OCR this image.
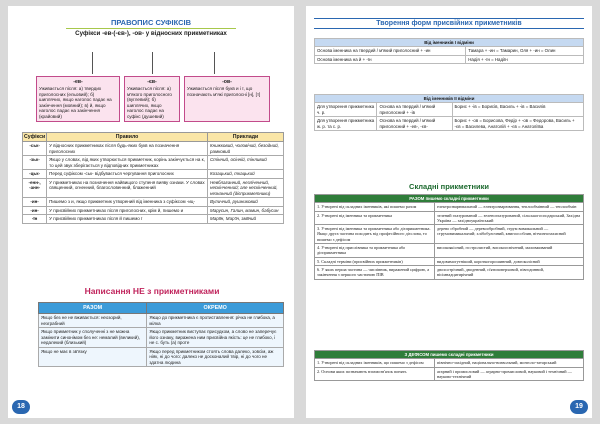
ПРАВОПИС СУФІКСІВ
Суфікси -ев-(-єв-), -ов- у відносних прикметниках
-ев-
Уживається після: а) твердих приголосних (ельовий); б) шиплячих, якщо наголос падає на закінчення (мовний); в) й, якщо наголос падає на закінчення (крайовий)
-єв-
Уживається після: а) м'якого приголосного (вуглевий); б) шиплячих, якщо наголос падає на суфікс (душевий)
-ов-
Уживається після букв и і ї, що позначають м'які приголосні [н], [т]
Суфікси	Правило	Приклади
-ськ-	У відносних прикметниках після будь-яких букв на позначення приголосних	Книжковий, чоловічий, безодний, рамковий
-зьк-	Якщо у словах, від яких утворюється прикметник, корінь закінчується на к, то цей звук зберігається у відповідних прикметниках	Стінний, осінній, тінливий
-цьк-	Перед суфіксом -ськ- відбувається чергування приголосних	Козацький, ткацький
-енн-, -анн-	У прикметниках на позначення найвищого ступеня вияву ознаки. У словах священний, огненний, благословенний, блаженний	Невблаганний, незліченний, нескінченний; але нескінченний, незнанний (дієприкметники)
-ин-	Пишемо з и, якщо прикметник утворений від іменника з суфіксом -иц-	Вуличний, рушниковий
-ин-	У присвійних прикметниках після приголосних, крім й, пишемо и	Марусин, Галин, мамин, бабусин
-їн	У присвійних прикметниках після й пишемо ї	Марїїн, Мар'їн, змїїний
Написання НЕ з прикметниками
РАЗОМ	ОКРЕМО
Якщо без не не вживається: неозорий, незграбний	Якщо до прикметника є протиставлення: річка не глибока, а мілка
Якщо прикметник у сполученні з не можна замінити синонімом без не: немалий (великий), недалекий (близький)	Якщо прикметник виступає присудком, а слово не заперечує його ознаку, виражена ним присвійна якість: це не глибоко, і не с. буть (а) проте
Якщо не має в зв'язку	Якщо перед прикметником стоять слова далеко, зовсім, аж ніяк, ні до чого: далеко не досконалий твір, ні до чого не здатна людина
18
Творення форм присвійних прикметників
Від іменників І відміни	
Основа іменника на твердий / м'який приголосний + -ин	Тамара + -ин = Тамарин, Оля + -ин = Олин
Основа іменника на й + -їн	Надія + -їн = Надіїн
Від іменників ІІ відміни		
Для утворення прикметника ч. р.	Основа на твердий / м'який приголосний + -ів	Борис + -ів = Борисів, Василь + -ів = Василів
Для утворення прикметника ж. р. та с. р.	Основа на твердий / м'який приголосний + -ев-, -єв-	Борис + -ов = Борисова, Федір + -ов = Федорова, Василь + -єв = Василева, Анатолій + -єв = Анатоліїва
Складні прикметники
РАЗОМ пишемо складні прикметники	
1. Утворені від складних іменників, які пишемо разом	електрозварювальний — електрозварювання, теплообмінний — теплообмін
2. Утворені від іменника та прикметника	зелений глазурований — зеленоглазурований, сільськогосподарський, Західна Україна — західноукраїнський
3. Утворені від іменника та прикметника або дієприкметника. Якщо друга частина походить від професійного дієслова, то пишемо з дефісом	дерево обробний — деревообробний, струм вимикальний — струмовимикальний; хлібобулочний, книгоособлив, вітчизнозахисний
4. Утворені від прислівника та прикметника або дієприкметника	високоякісний, гостролистий, високоосвічений, маловживаний
5. Складні терміни (присвійних прикметників)	видовимогутніший, короткогорошинний, довгоколісний
6. У яких перша частина — числівник, виражений цифрою, а закінчення з першого частиною ПІВ	двохсотрічний, дводенний, п'ятиповерховий, півгодинний, вісімнадцятирічний
З ДЕФІСОМ пишемо складні прикметники	
1. Утворені від складних іменників, що пишемо з дефісом	північно-західний, національно-визвольний, монголо-татарський
2. Основи яких позначають взаємозв'язок понять	агарний і промисловий — аграрно-промисловий, науковий і технічний — науково-технічний
19
